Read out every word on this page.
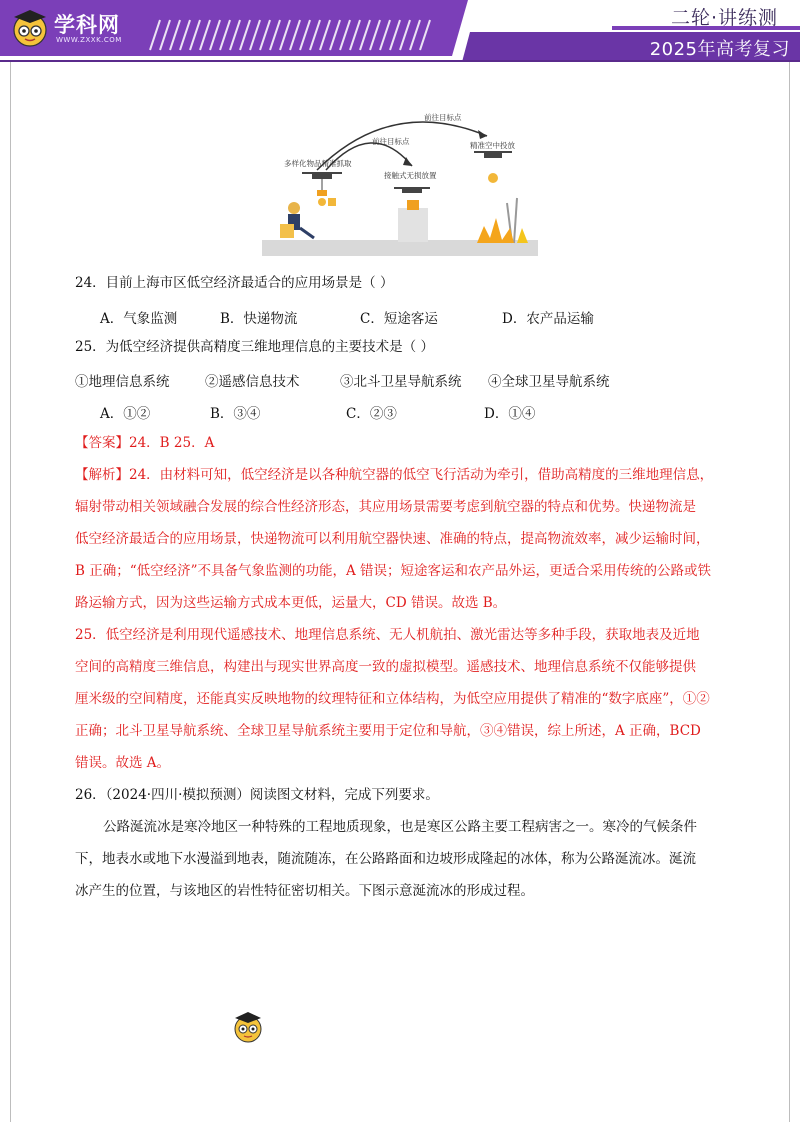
学科网
WWW.ZXXK.COM
二轮·讲练测
2025年高考复习
前往目标点
前往目标点
多样化物品精准抓取
接触式无损放置
精准空中投放
24．目前上海市区低空经济最适合的应用场景是（ ）
A．气象监测	B．快递物流	C．短途客运	D．农产品运输
25．为低空经济提供高精度三维地理信息的主要技术是（ ）
①地理信息系统	②遥感信息技术	③北斗卫星导航系统 ④全球卫星导航系统
A．①②	B．③④	C．②③	D．①④
【答案】24．B 25．A
【解析】24．由材料可知，低空经济是以各种航空器的低空飞行活动为牵引，借助高精度的三维地理信息，
辐射带动相关领域融合发展的综合性经济形态，其应用场景需要考虑到航空器的特点和优势。快递物流是
低空经济最适合的应用场景，快递物流可以利用航空器快速、准确的特点，提高物流效率，减少运输时间，
B 正确；“低空经济”不具备气象监测的功能，A 错误；短途客运和农产品外运，更适合采用传统的公路或铁
路运输方式，因为这些运输方式成本更低，运量大，CD 错误。故选 B。
25．低空经济是利用现代遥感技术、地理信息系统、无人机航拍、激光雷达等多种手段，获取地表及近地
空间的高精度三维信息，构建出与现实世界高度一致的虚拟模型。遥感技术、地理信息系统不仅能够提供
厘米级的空间精度，还能真实反映地物的纹理特征和立体结构，为低空应用提供了精准的“数字底座”，①②
正确；北斗卫星导航系统、全球卫星导航系统主要用于定位和导航，③④错误，综上所述，A 正确，BCD
错误。故选 A。
26．（2024·四川·模拟预测）阅读图文材料，完成下列要求。
公路涎流冰是寒冷地区一种特殊的工程地质现象，也是寒区公路主要工程病害之一。寒冷的气候条件
下，地表水或地下水漫溢到地表，随流随冻，在公路路面和边坡形成隆起的冰体，称为公路涎流冰。涎流
冰产生的位置，与该地区的岩性特征密切相关。下图示意涎流冰的形成过程。
